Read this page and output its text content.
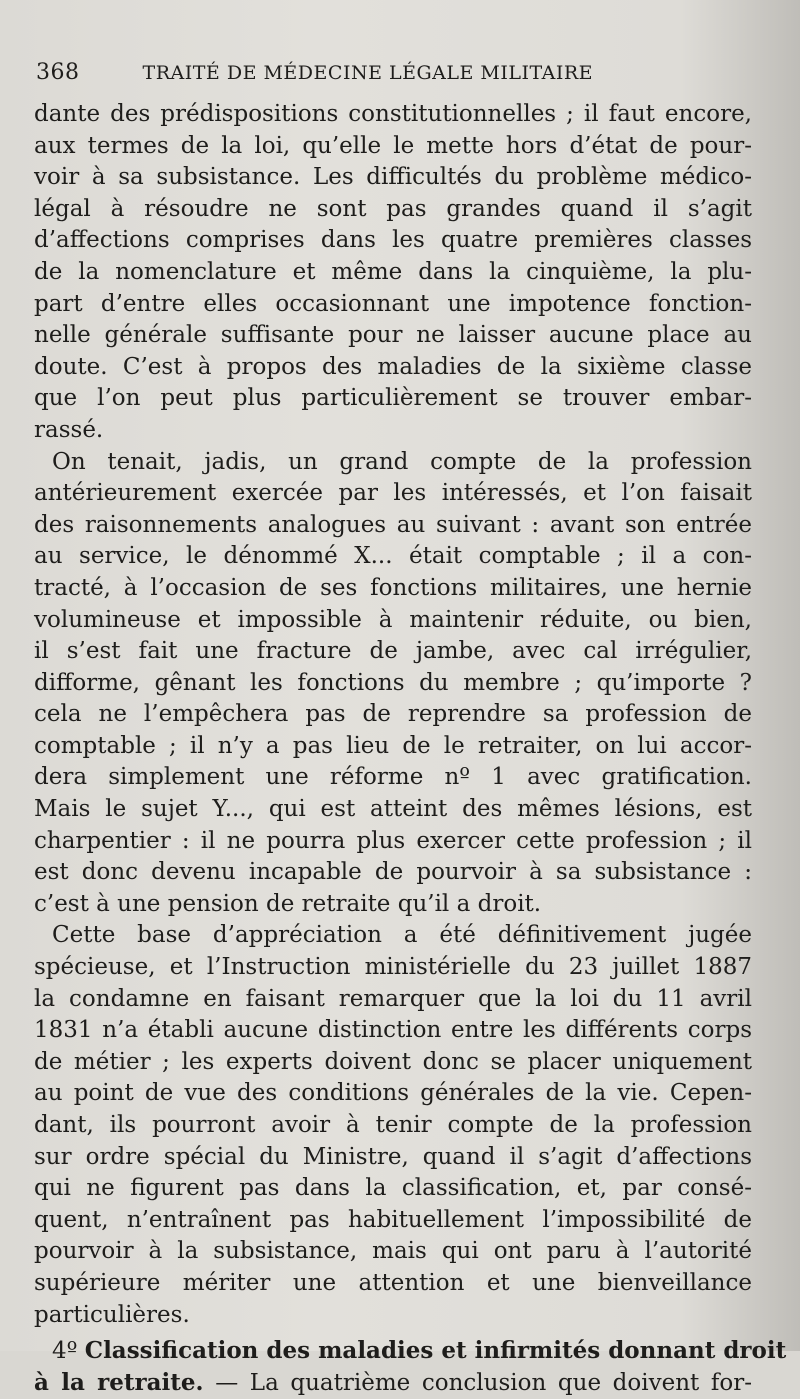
368	TRAITÉ DE MÉDECINE LÉGALE MILITAIRE
dante des prédispositions constitutionnelles ; il faut encore,
aux termes de la loi, qu’elle le mette hors d’état de pour-
voir à sa subsistance. Les difficultés du problème médico-
légal à résoudre ne sont pas grandes quand il s’agit
d’affections comprises dans les quatre premières classes
de la nomenclature et même dans la cinquième, la plu-
part d’entre elles occasionnant une impotence fonction-
nelle générale suffisante pour ne laisser aucune place au
doute. C’est à propos des maladies de la sixième classe
que l’on peut plus particulièrement se trouver embar-
rassé.
On tenait, jadis, un grand compte de la profession
antérieurement exercée par les intéressés, et l’on faisait
des raisonnements analogues au suivant : avant son entrée
au service, le dénommé X... était comptable ; il a con-
tracté, à l’occasion de ses fonctions militaires, une hernie
volumineuse et impossible à maintenir réduite, ou bien,
il s’est fait une fracture de jambe, avec cal irrégulier,
difforme, gênant les fonctions du membre ; qu’importe ?
cela ne l’empêchera pas de reprendre sa profession de
comptable ; il n’y a pas lieu de le retraiter, on lui accor-
dera simplement une réforme nº 1 avec gratification.
Mais le sujet Y..., qui est atteint des mêmes lésions, est
charpentier : il ne pourra plus exercer cette profession ; il
est donc devenu incapable de pourvoir à sa subsistance :
c’est à une pension de retraite qu’il a droit.
Cette base d’appréciation a été définitivement jugée
spécieuse, et l’Instruction ministérielle du 23 juillet 1887
la condamne en faisant remarquer que la loi du 11 avril
1831 n’a établi aucune distinction entre les différents corps
de métier ; les experts doivent donc se placer uniquement
au point de vue des conditions générales de la vie. Cepen-
dant, ils pourront avoir à tenir compte de la profession
sur ordre spécial du Ministre, quand il s’agit d’affections
qui ne figurent pas dans la classification, et, par consé-
quent, n’entraînent pas habituellement l’impossibilité de
pourvoir à la subsistance, mais qui ont paru à l’autorité
supérieure mériter une attention et une bienveillance
particulières.
4º Classification des maladies et infirmités donnant droit
à la retraite. — La quatrième conclusion que doivent for-
